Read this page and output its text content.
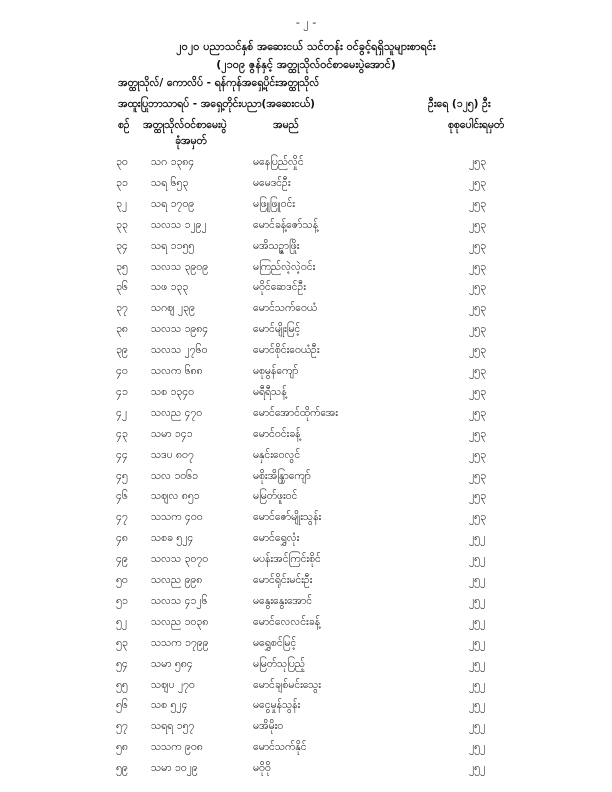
- ၂ -
၂၀၂၀ ပညာသင်နှစ် အဆေးငယ် သင်တန်း ဝင်ခွင့်ရရှိသူများစာရင်း
(၂၁၀၉ ဇွန်နှင့် အတ္ထုသိုလ်ဝင်စာမေးပွဲအောင်)
အတ္ထုသိုလ်/ ကောလိပ် - ရန်ကုန်အရှေ့ပိုင်းအတ္ထုသိုလ်
အထူးပြုဘာသာရပ် - အရှေ့တိုင်းပညာ(အဆေးငယ်)	ဦးရေ (၁၂၅) ဦး
စဉ် အတ္ထုသိုလ်ဝင်စာမေးပွဲ
ခုံအမှတ်
အမည်	စုစုပေါင်းရမှတ်
၃၀	သဂ ၁၃၈၄	မနေပြည်လှိုင်	၂၅၃
၃၁	သရ ၆၅၃	မမေဒင်ဦး	၂၅၃
၃၂	သရ ၁၇၀၉	မဖြူဖြူဝင်း	၂၅၃
၃၃	သလသ ၁၂၉၂	မောင်ခန့်ဇော်သန့်	၂၅၃
၃၄	သရ ၁၁၅၅	မအိသဉ္ဇာဖြိုး	၂၅၃
၃၅	သလသ ၃၉၀၉	မကြည်လဲ့လဲ့ဝင်း	၂၅၃
၃၆	သဖ ၁၃၃	မဝိုင်ဆေဒင်ဦး	၂၅၃
၃၇	သဂဈ ၂၃၉	မောင်သက်ဝေယံ	၂၅၃
၃၈	သလသ ၁၉၈၄	မောင်မျိုးမြင့်	၂၅၃
၃၉	သလသ ၂၇၆၀	မောင်စိုင်းဝေယံဦး	၂၅၃
၄၀	သလက ၆၈၈	မစုမွန်ကျော်	၂၅၃
၄၁	သစ ၁၃၄၀	မရီရီသန့်	၂၅၃
၄၂	သလည ၄၇၀	မောင်အောင်ထိုက်အေး	၂၅၃
၄၃	သမာ ၁၄၁	မောင်ဝင်းခန့်	၂၅၃
၄၄	သဒပ ၈၀၇	မနှင်းဝေလွင်	၂၅၃
၄၅	သလ ၁၀၆၁	မစိုးအိန္ဒြာကျော်	၂၅၃
၄၆	သဈလ ၈၅၁	မမြတ်ဖူးဝင်	၂၅၃
၄၇	သသက ၄၀၀	မောင်ဇော်မျိုးသွန်း	၂၅၃
၄၈	သစခ ၅၂၄	မောင်ရွှေလုံး	၂၅၂
၄၉	သလသ ၃၀၇၀	မပန်းအင်ကြင်းစိုင်	၂၅၂
၅၀	သလည ၉၉၈	မောင်ရိုင်းမင်းဦး	၂၅၂
၅၁	သလသ ၄၁၂၆	မနွေးနွေးအောင်	၂၅၂
၅၂	သလည ၁၀၃၈	မောင်လေလင်းခန့်	၂၅၂
၅၃	သသက ၁၇၉၉	မရွှေစင်မြင့်	၂၅၂
၅၄	သမာ ၅၈၄	မမြတ်သုပြည့်	၂၅၂
၅၅	သဈပ ၂၇၀	မောင်ချစ်မင်းသွေး	၂၅၂
၅၆	သစ ၅၂၄	မငွေမှုန်သွန်း	၂၅၂
၅၇	သရရ ၁၅၇	မအိမိုးဝ	၂၅၂
၅၈	သသက ၉၀၈	မောင်သက်နိုင်	၂၅၂
၅၉	သမာ ၁၀၂၉	မဝိုဝို	၂၅၂
